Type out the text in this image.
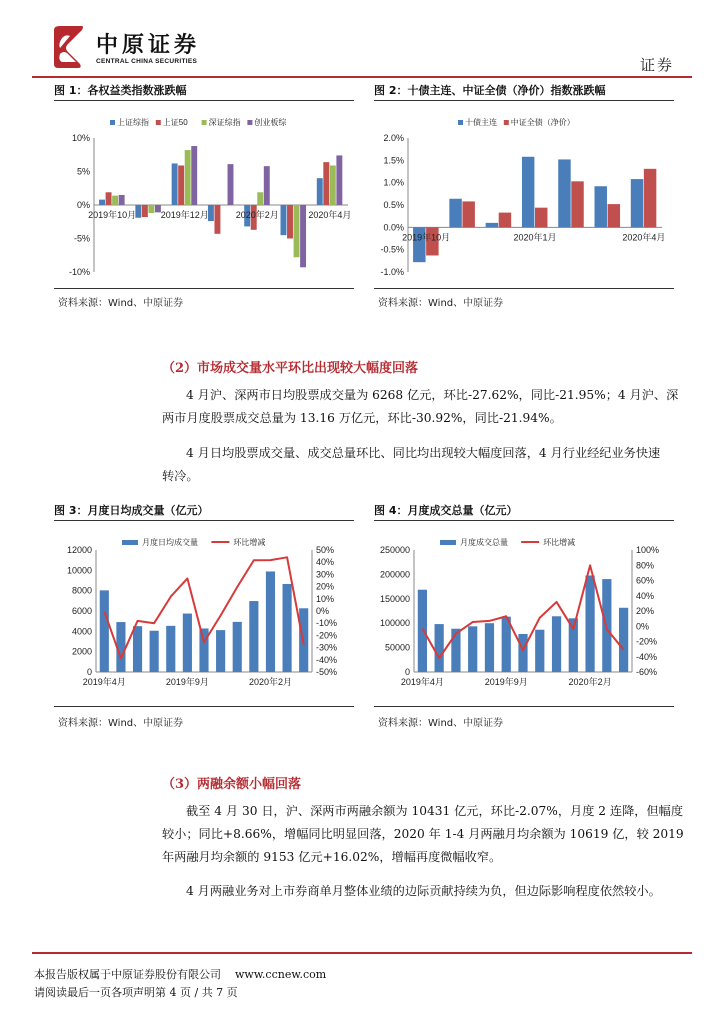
中原证券
CENTRAL CHINA SECURITIES	证券
图 1：各权益类指数涨跌幅
上证综指 上证50	深证综指 创业板综
10%
5%
0%
-5%
-10%
2019年10月	2019年12月	2020年2月	2020年4月
资料来源：Wind、中原证券
图 2：十债主连、中证全债（净价）指数涨跌幅
十债主连 中证全债（净价）
2.0%
1.5%
1.0%
0.5%
0.0%
-0.5%
-1.0%
2019年10月	2020年1月	2020年4月
资料来源：Wind、中原证券
（2）市场成交量水平环比出现较大幅度回落
4 月沪、深两市日均股票成交量为 6268 亿元，环比-27.62%，同比-21.95%；4 月沪、深
两市月度股票成交总量为 13.16 万亿元，环比-30.92%，同比-21.94%。
4 月日均股票成交量、成交总量环比、同比均出现较大幅度回落，4 月行业经纪业务快速
转冷。
图 3：月度日均成交量（亿元）
月度日均成交量	环比增减
12000
10000
8000
6000
4000
2000
0
50%
40%
30%
20%
10%
0%
-10%
-20%
-30%
-40%
-50%
2019年4月	2019年9月	2020年2月
资料来源：Wind、中原证券
图 4：月度成交总量（亿元）
月度成交总量	环比增减
250000
200000
150000
100000
50000
0
100%
80%
60%
40%
20%
0%
-20%
-40%
-60%
2019年4月	2019年9月	2020年2月
资料来源：Wind、中原证券
（3）两融余额小幅回落
截至 4 月 30 日，沪、深两市两融余额为 10431 亿元，环比-2.07%，月度 2 连降，但幅度
较小；同比+8.66%，增幅同比明显回落，2020 年 1-4 月两融月均余额为 10619 亿，较 2019
年两融月均余额的 9153 亿元+16.02%，增幅再度微幅收窄。
4 月两融业务对上市券商单月整体业绩的边际贡献持续为负，但边际影响程度依然较小。
本报告版权属于中原证券股份有限公司    www.ccnew.com
请阅读最后一页各项声明第 4 页 / 共 7 页
